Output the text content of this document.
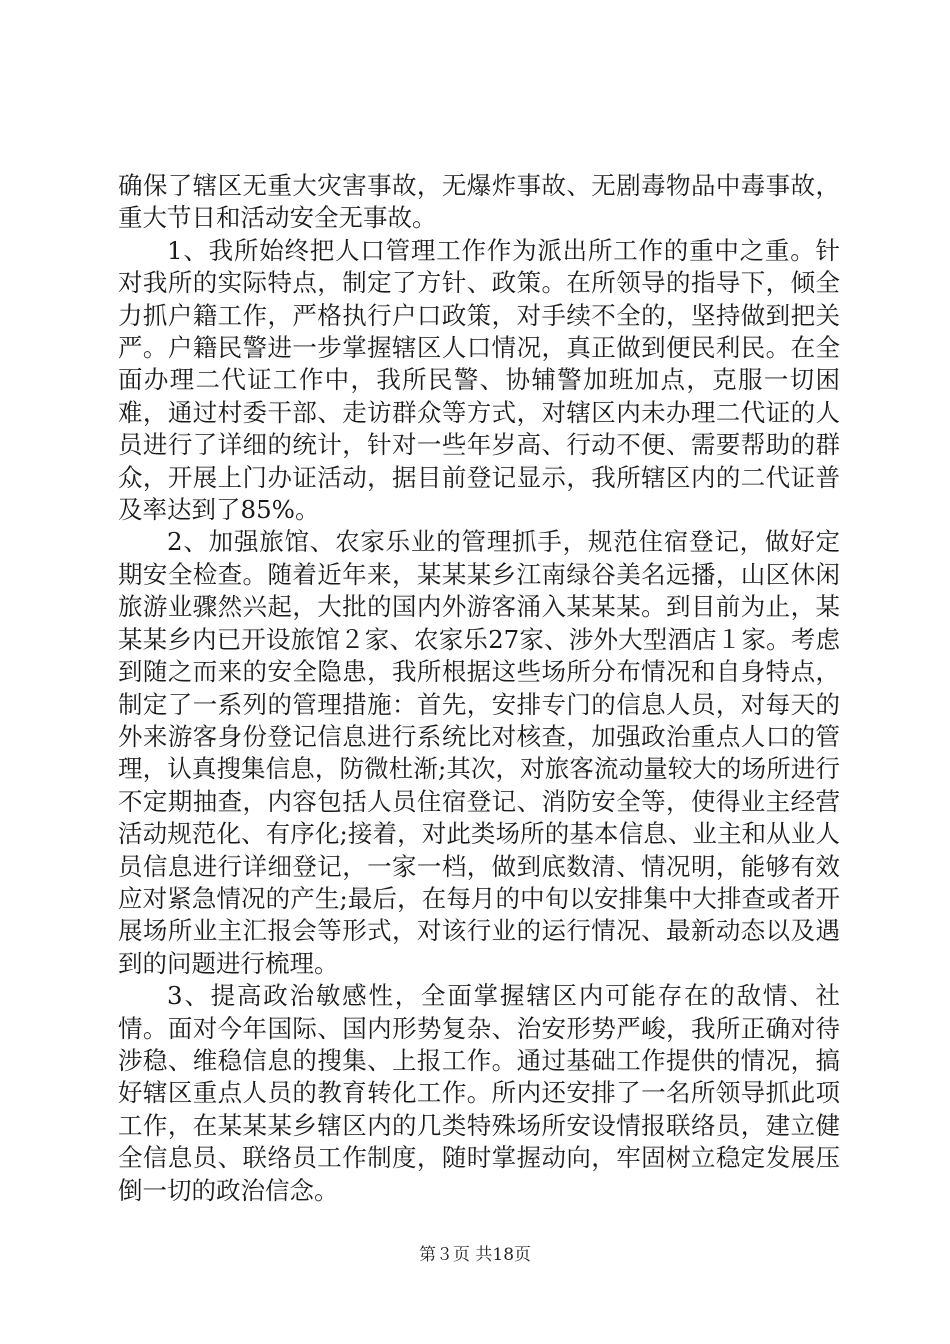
确保了辖区无重大灾害事故，无爆炸事故、无剧毒物品中毒事故，重大节日和活动安全无事故。

1、我所始终把人口管理工作作为派出所工作的重中之重。针对我所的实际特点，制定了方针、政策。在所领导的指导下，倾全力抓户籍工作，严格执行户口政策，对手续不全的，坚持做到把关严。户籍民警进一步掌握辖区人口情况，真正做到便民利民。在全面办理二代证工作中，我所民警、协辅警加班加点，克服一切困难，通过村委干部、走访群众等方式，对辖区内未办理二代证的人员进行了详细的统计，针对一些年岁高、行动不便、需要帮助的群众，开展上门办证活动，据目前登记显示，我所辖区内的二代证普及率达到了85%。

2、加强旅馆、农家乐业的管理抓手，规范住宿登记，做好定期安全检查。随着近年来，某某某乡江南绿谷美名远播，山区休闲旅游业骤然兴起，大批的国内外游客涌入某某某。到目前为止，某某某乡内已开设旅馆２家、农家乐27家、涉外大型酒店１家。考虑到随之而来的安全隐患，我所根据这些场所分布情况和自身特点，制定了一系列的管理措施：首先，安排专门的信息人员，对每天的外来游客身份登记信息进行系统比对核查，加强政治重点人口的管理，认真搜集信息，防微杜渐;其次，对旅客流动量较大的场所进行不定期抽查，内容包括人员住宿登记、消防安全等，使得业主经营活动规范化、有序化;接着，对此类场所的基本信息、业主和从业人员信息进行详细登记，一家一档，做到底数清、情况明，能够有效应对紧急情况的产生;最后，在每月的中旬以安排集中大排查或者开展场所业主汇报会等形式，对该行业的运行情况、最新动态以及遇到的问题进行梳理。

3、提高政治敏感性，全面掌握辖区内可能存在的敌情、社情。面对今年国际、国内形势复杂、治安形势严峻，我所正确对待涉稳、维稳信息的搜集、上报工作。通过基础工作提供的情况，搞好辖区重点人员的教育转化工作。所内还安排了一名所领导抓此项工作，在某某某乡辖区内的几类特殊场所安设情报联络员，建立健全信息员、联络员工作制度，随时掌握动向，牢固树立稳定发展压倒一切的政治信念。

第３页 共18页
